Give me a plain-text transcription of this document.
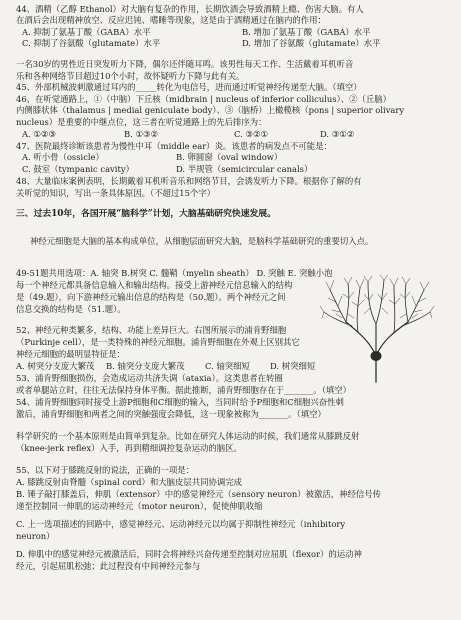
44、酒精（乙醇 Ethanol）对大脑有复杂的作用，长期饮酒会导致酒精上瘾、伤害大脑。有人
在酒后会出现精神放空、反应迟钝、嗜睡等现象，这是由于酒精通过在脑内的作用：
A. 抑制了氨基丁酸（GABA）水平	B. 增加了氨基丁酸（GABA）水平
C. 抑制了谷氨酸（glutamate）水平	D. 增加了谷氨酸（glutamate）水平
一名30岁的男性近日突发听力下降，偶尔还伴随耳鸣。该男性每天工作、生活戴着耳机听音
乐和各种网络节目超过10个小时，故怀疑听力下降与此有关。
45、外部机械波刺激通过耳内的_____转化为电信号，进而通过听觉神经传递至大脑。（填空）
46、在听觉通路上，①（中脑）下丘核（midbrain | nucleus of inferior colliculus）、②（丘脑）
内侧膝状体（thalamus | medial geniculate body）、③（脑桥）上橄榄核（pons | superior olivary
nucleus）是重要的中继点位，这三者在听觉通路上的先后排序为：
A. ①②③	B. ①③②	C. ③②①	D. ③①②
47、医院最终诊断该患者为慢性中耳（middle ear）炎。该患者的病发点不可能是：
A. 听小骨（ossicle）	B. 卵圆窗（oval window）
C. 鼓室（tympanic cavity）	D. 半规管（semicircular canals）
48、大量临床案例表明，长期戴着耳机听音乐和网络节目，会诱发听力下降。根据你了解的有
关听觉的知识，写出一条具体原因。（不超过15个字）
三、过去10年，各国开展“脑科学”计划，大脑基础研究快速发展。
神经元细胞是大脑的基本构成单位，从细胞层面研究大脑，是脑科学基础研究的重要切入点。
49-51题共用选项：A. 轴突 B.树突 C. 髓鞘（myelin sheath） D. 突触 E. 突触小泡
每一个神经元都具备信息输入和输出结构。接受上游神经元信息输入的结构
是（49.题），向下游神经元输出信息的结构是（50.题）。两个神经元之间
信息交换的结构是（51.题）。
52、神经元种类繁多，结构、功能上差异巨大。右图所展示的浦肯野细胞
（Purkinje cell），是一类特殊的神经元细胞。浦肯野细胞在外观上区别其它
神经元细胞的最明显特征是：
A. 树突分支庞大繁茂 B. 轴突分支庞大繁茂 C. 轴突细短 D. 树突细短
53、浦肯野细胞损伤，会造成运动共济失调（ataxia）。这类患者在转圈
或者单腿站立时，往往无法保持身体平衡。据此推断，浦肯野细胞存在于_______。（填空）
54、浦肯野细胞同时接受上游P细胞和C细胞的输入，当同时给予P细胞和C细胞兴奋性刺
激后，浦肯野细胞和两者之间的突触强度会降低，这一现象被称为_______。（填空）
科学研究的一个基本原则是由简单到复杂。比如在研究人体运动的时候，我们通常从膝跳反射
（knee-jerk reflex）入手，再到精细调控复杂运动的脑区。
55、以下对于膝跳反射的说法，正确的一项是：
A. 膝跳反射由脊髓（spinal cord）和大脑皮层共同协调完成
B. 锤子敲打膝盖后，伸肌（extensor）中的感觉神经元（sensory neuron）被激活，神经信号传
递至控制同一伸肌的运动神经元（motor neuron），促使伸肌收缩
C. 上一选项描述的回路中，感觉神经元、运动神经元以均属于抑制性神经元（inhibitory
neuron）
D. 伸肌中的感觉神经元被激活后，同时会将神经兴奋传递至控制对应屈肌（flexor）的运动神
经元，引起屈肌松弛；此过程没有中间神经元参与
